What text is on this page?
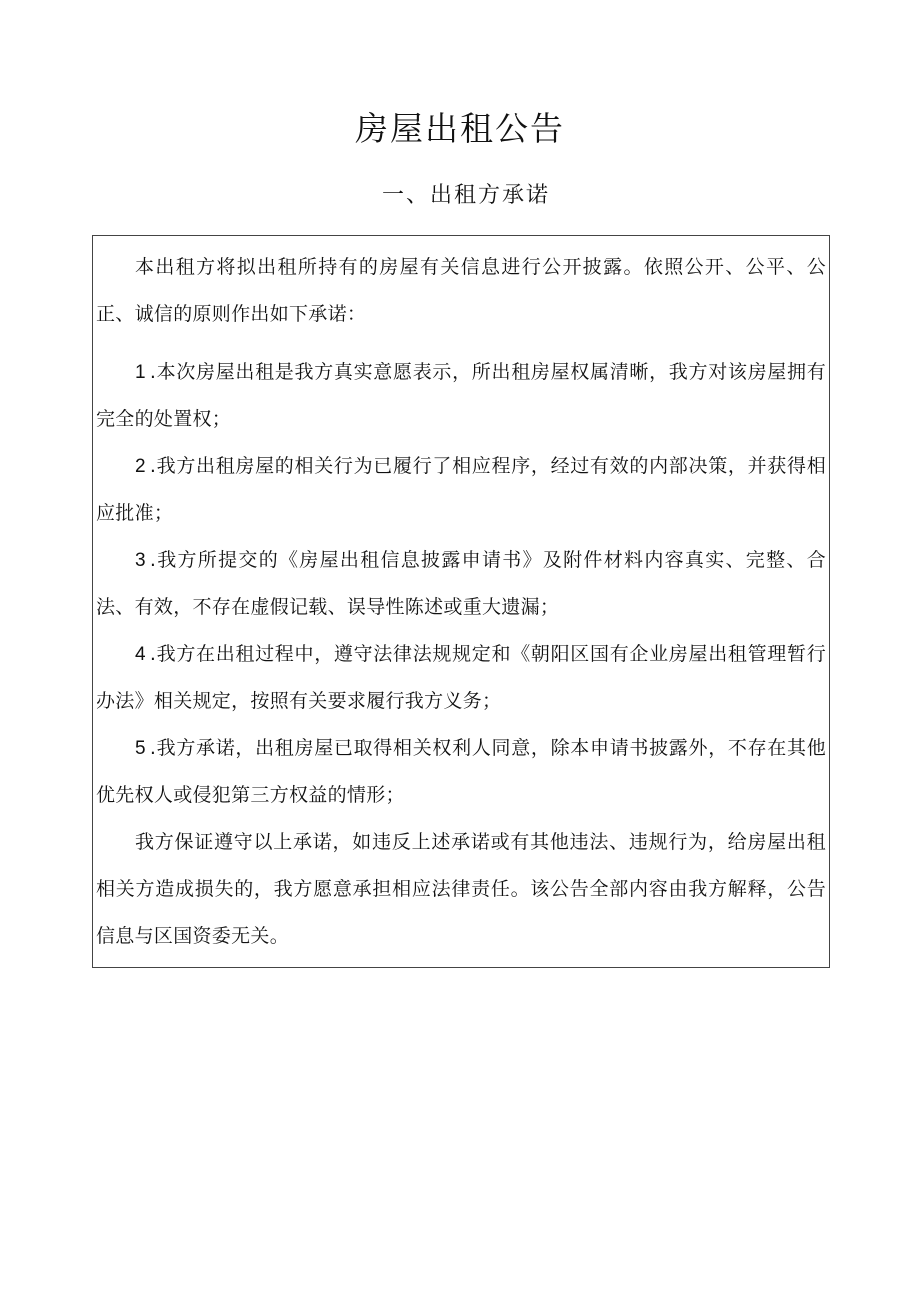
房屋出租公告
一、出租方承诺

本出租方将拟出租所持有的房屋有关信息进行公开披露。依照公开、公平、公正、诚信的原则作出如下承诺：

1 .本次房屋出租是我方真实意愿表示，所出租房屋权属清晰，我方对该房屋拥有完全的处置权；

2 .我方出租房屋的相关行为已履行了相应程序，经过有效的内部决策，并获得相应批准；

3 .我方所提交的《房屋出租信息披露申请书》及附件材料内容真实、完整、合法、有效，不存在虚假记载、误导性陈述或重大遗漏；

4 .我方在出租过程中，遵守法律法规规定和《朝阳区国有企业房屋出租管理暂行办法》相关规定，按照有关要求履行我方义务；

5 .我方承诺，出租房屋已取得相关权利人同意，除本申请书披露外，不存在其他优先权人或侵犯第三方权益的情形；

我方保证遵守以上承诺，如违反上述承诺或有其他违法、违规行为，给房屋出租相关方造成损失的，我方愿意承担相应法律责任。该公告全部内容由我方解释，公告信息与区国资委无关。
